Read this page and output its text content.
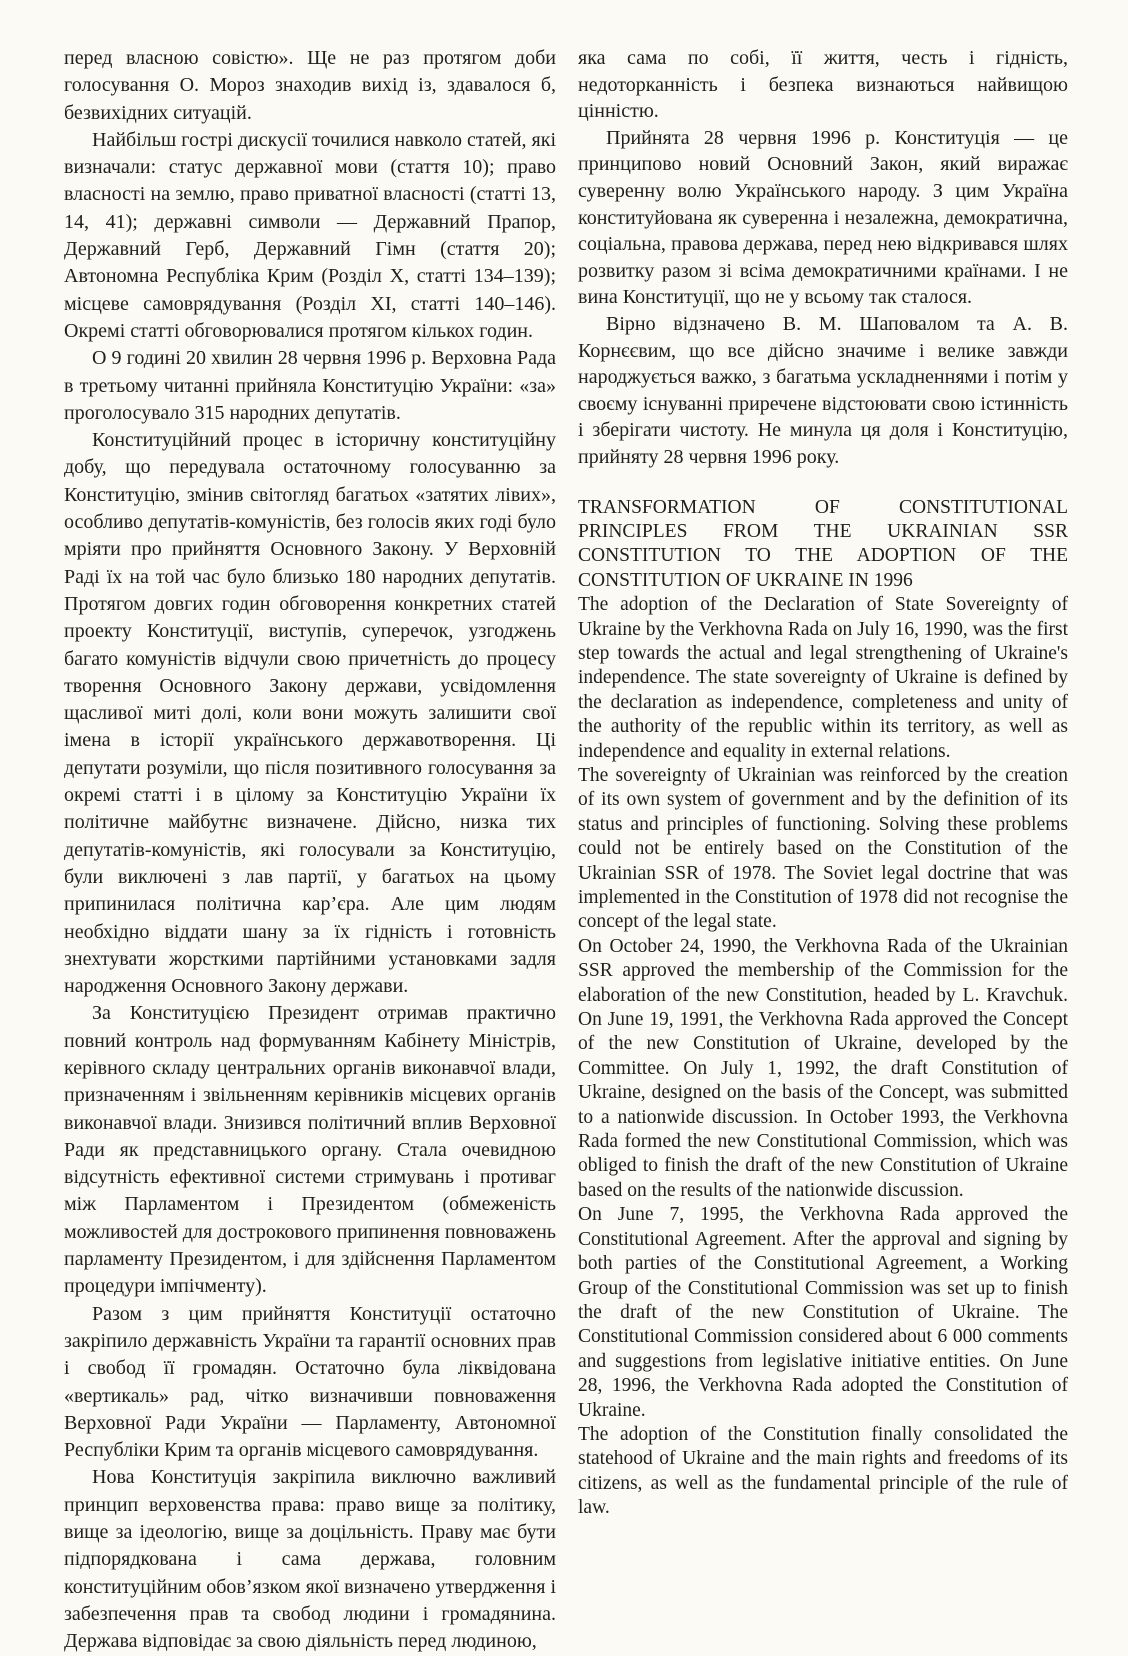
перед власною совістю». Ще не раз протягом доби голосування О. Мороз знаходив вихід із, здавалося б, безвихідних ситуацій.

Найбільш гострі дискусії точилися навколо статей, які визначали: статус державної мови (стаття 10); право власності на землю, право приватної власності (статті 13, 14, 41); державні символи — Державний Прапор, Державний Герб, Державний Гімн (стаття 20); Автономна Республіка Крим (Розділ X, статті 134–139); місцеве самоврядування (Розділ XI, статті 140–146). Окремі статті обговорювалися протягом кількох годин.

О 9 годині 20 хвилин 28 червня 1996 р. Верховна Рада в третьому читанні прийняла Конституцію України: «за» проголосувало 315 народних депутатів.

Конституційний процес в історичну конституційну добу, що передувала остаточному голосуванню за Конституцію, змінив світогляд багатьох «затятих лівих», особливо депутатів-комуністів, без голосів яких годі було мріяти про прийняття Основного Закону. У Верховній Раді їх на той час було близько 180 народних депутатів. Протягом довгих годин обговорення конкретних статей проекту Конституції, виступів, суперечок, узгоджень багато комуністів відчули свою причетність до процесу творення Основного Закону держави, усвідомлення щасливої миті долі, коли вони можуть залишити свої імена в історії українського державотворення. Ці депутати розуміли, що після позитивного голосування за окремі статті і в цілому за Конституцію України їх політичне майбутнє визначене. Дійсно, низка тих депутатів-комуністів, які голосували за Конституцію, були виключені з лав партії, у багатьох на цьому припинилася політична кар’єра. Але цим людям необхідно віддати шану за їх гідність і готовність знехтувати жорсткими партійними установками задля народження Основного Закону держави.

За Конституцією Президент отримав практично повний контроль над формуванням Кабінету Міністрів, керівного складу центральних органів виконавчої влади, призначенням і звільненням керівників місцевих органів виконавчої влади. Знизився політичний вплив Верховної Ради як представницького органу. Стала очевидною відсутність ефективної системи стримувань і противаг між Парламентом і Президентом (обмеженість можливостей для дострокового припинення повноважень парламенту Президентом, і для здійснення Парламентом процедури імпічменту).

Разом з цим прийняття Конституції остаточно закріпило державність України та гарантії основних прав і свобод її громадян. Остаточно була ліквідована «вертикаль» рад, чітко визначивши повноваження Верховної Ради України — Парламенту, Автономної Республіки Крим та органів місцевого самоврядування.

Нова Конституція закріпила виключно важливий принцип верховенства права: право вище за політику, вище за ідеологію, вище за доцільність. Праву має бути підпорядкована і сама держава, головним конституційним обов’язком якої визначено утвердження і забезпечення прав та свобод людини і громадянина. Держава відповідає за свою діяльність перед людиною,

яка сама по собі, її життя, честь і гідність, недоторканність і безпека визнаються найвищою цінністю.

Прийнята 28 червня 1996 р. Конституція — це принципово новий Основний Закон, який виражає суверенну волю Українського народу. З цим Україна конституйована як суверенна і незалежна, демократична, соціальна, правова держава, перед нею відкривався шлях розвитку разом зі всіма демократичними країнами. І не вина Конституції, що не у всьому так сталося.

Вірно відзначено В. М. Шаповалом та А. В. Корнєєвим, що все дійсно значиме і велике завжди народжується важко, з багатьма ускладненнями і потім у своєму існуванні приречене відстоювати свою істинність і зберігати чистоту. Не минула ця доля і Конституцію, прийняту 28 червня 1996 року.

TRANSFORMATION OF CONSTITUTIONAL PRINCIPLES FROM THE UKRAINIAN SSR CONSTITUTION TO THE ADOPTION OF THE CONSTITUTION OF UKRAINE IN 1996

The adoption of the Declaration of State Sovereignty of Ukraine by the Verkhovna Rada on July 16, 1990, was the first step towards the actual and legal strengthening of Ukraine's independence. The state sovereignty of Ukraine is defined by the declaration as independence, completeness and unity of the authority of the republic within its territory, as well as independence and equality in external relations.

The sovereignty of Ukrainian was reinforced by the creation of its own system of government and by the definition of its status and principles of functioning. Solving these problems could not be entirely based on the Constitution of the Ukrainian SSR of 1978. The Soviet legal doctrine that was implemented in the Constitution of 1978 did not recognise the concept of the legal state.

On October 24, 1990, the Verkhovna Rada of the Ukrainian SSR approved the membership of the Commission for the elaboration of the new Constitution, headed by L. Kravchuk. On June 19, 1991, the Verkhovna Rada approved the Concept of the new Constitution of Ukraine, developed by the Committee. On July 1, 1992, the draft Constitution of Ukraine, designed on the basis of the Concept, was submitted to a nationwide discussion. In October 1993, the Verkhovna Rada formed the new Constitutional Commission, which was obliged to finish the draft of the new Constitution of Ukraine based on the results of the nationwide discussion.

On June 7, 1995, the Verkhovna Rada approved the Constitutional Agreement. After the approval and signing by both parties of the Constitutional Agreement, a Working Group of the Constitutional Commission was set up to finish the draft of the new Constitution of Ukraine. The Constitutional Commission considered about 6 000 comments and suggestions from legislative initiative entities. On June 28, 1996, the Verkhovna Rada adopted the Constitution of Ukraine.

The adoption of the Constitution finally consolidated the statehood of Ukraine and the main rights and freedoms of its citizens, as well as the fundamental principle of the rule of law.
